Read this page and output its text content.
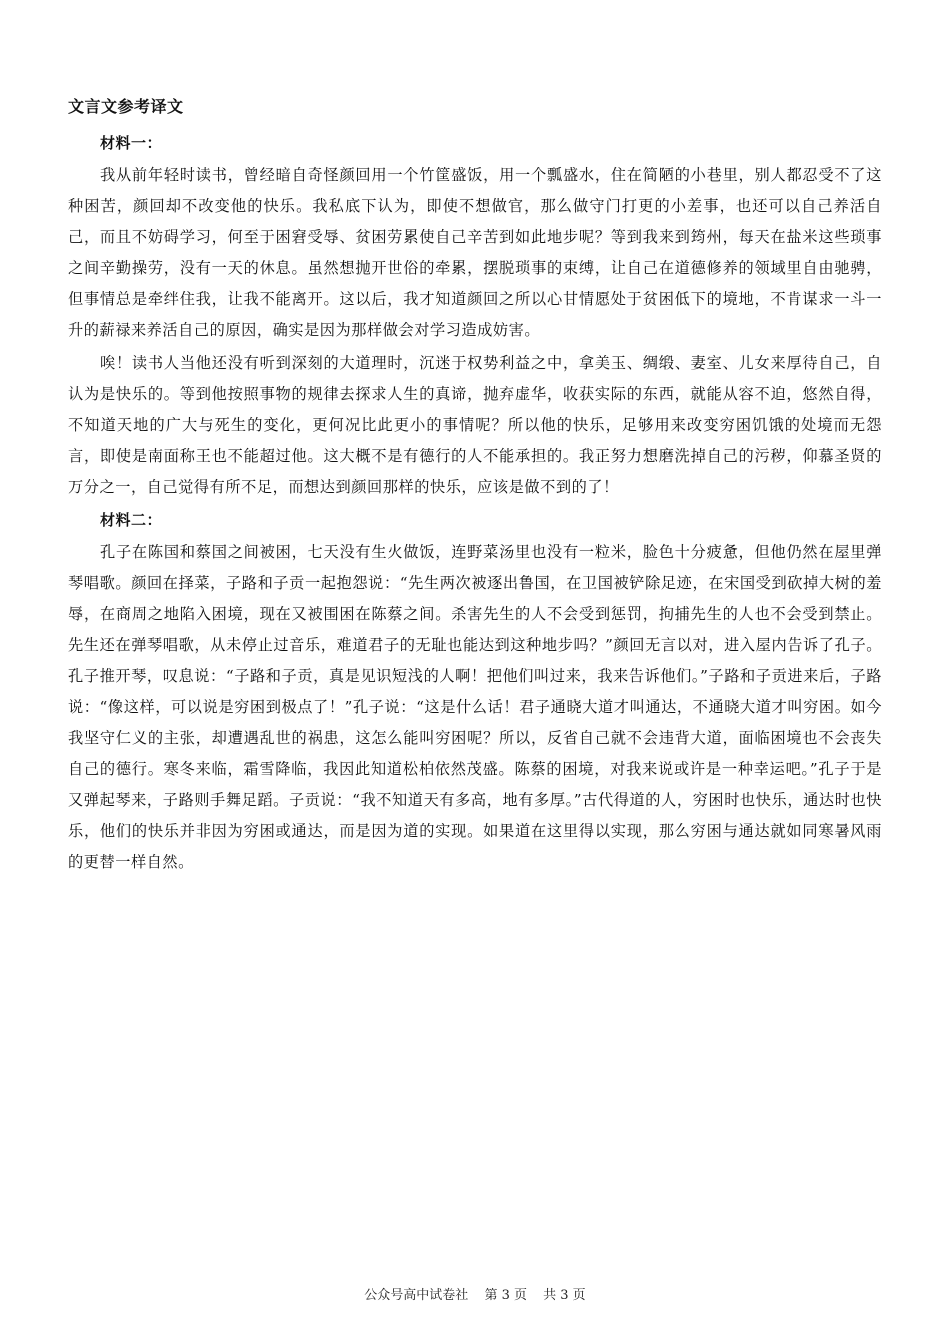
文言文参考译文
材料一：

我从前年轻时读书，曾经暗自奇怪颜回用一个竹筐盛饭，用一个瓢盛水，住在简陋的小巷里，别人都忍受不了这种困苦，颜回却不改变他的快乐。我私底下认为，即使不想做官，那么做守门打更的小差事，也还可以自己养活自己，而且不妨碍学习，何至于困窘受辱、贫困劳累使自己辛苦到如此地步呢？等到我来到筠州，每天在盐米这些琐事之间辛勤操劳，没有一天的休息。虽然想抛开世俗的牵累，摆脱琐事的束缚，让自己在道德修养的领域里自由驰骋，但事情总是牵绊住我，让我不能离开。这以后，我才知道颜回之所以心甘情愿处于贫困低下的境地，不肯谋求一斗一升的薪禄来养活自己的原因，确实是因为那样做会对学习造成妨害。

唉！读书人当他还没有听到深刻的大道理时，沉迷于权势利益之中，拿美玉、绸缎、妻室、儿女来厚待自己，自认为是快乐的。等到他按照事物的规律去探求人生的真谛，抛弃虚华，收获实际的东西，就能从容不迫，悠然自得，不知道天地的广大与死生的变化，更何况比此更小的事情呢？所以他的快乐，足够用来改变穷困饥饿的处境而无怨言，即使是南面称王也不能超过他。这大概不是有德行的人不能承担的。我正努力想磨洗掉自己的污秽，仰慕圣贤的万分之一，自己觉得有所不足，而想达到颜回那样的快乐，应该是做不到的了！

材料二：

孔子在陈国和蔡国之间被困，七天没有生火做饭，连野菜汤里也没有一粒米，脸色十分疲惫，但他仍然在屋里弹琴唱歌。颜回在择菜，子路和子贡一起抱怨说：“先生两次被逐出鲁国，在卫国被铲除足迹，在宋国受到砍掉大树的羞辱，在商周之地陷入困境，现在又被围困在陈蔡之间。杀害先生的人不会受到惩罚，拘捕先生的人也不会受到禁止。先生还在弹琴唱歌，从未停止过音乐，难道君子的无耻也能达到这种地步吗？”颜回无言以对，进入屋内告诉了孔子。孔子推开琴，叹息说：“子路和子贡，真是见识短浅的人啊！把他们叫过来，我来告诉他们。”子路和子贡进来后，子路说：“像这样，可以说是穷困到极点了！”孔子说：“这是什么话！君子通晓大道才叫通达，不通晓大道才叫穷困。如今我坚守仁义的主张，却遭遇乱世的祸患，这怎么能叫穷困呢？所以，反省自己就不会违背大道，面临困境也不会丧失自己的德行。寒冬来临，霜雪降临，我因此知道松柏依然茂盛。陈蔡的困境，对我来说或许是一种幸运吧。”孔子于是又弹起琴来，子路则手舞足蹈。子贡说：“我不知道天有多高，地有多厚。”古代得道的人，穷困时也快乐，通达时也快乐，他们的快乐并非因为穷困或通达，而是因为道的实现。如果道在这里得以实现，那么穷困与通达就如同寒暑风雨的更替一样自然。

公众号高中试卷社 第 3 页 共 3 页
